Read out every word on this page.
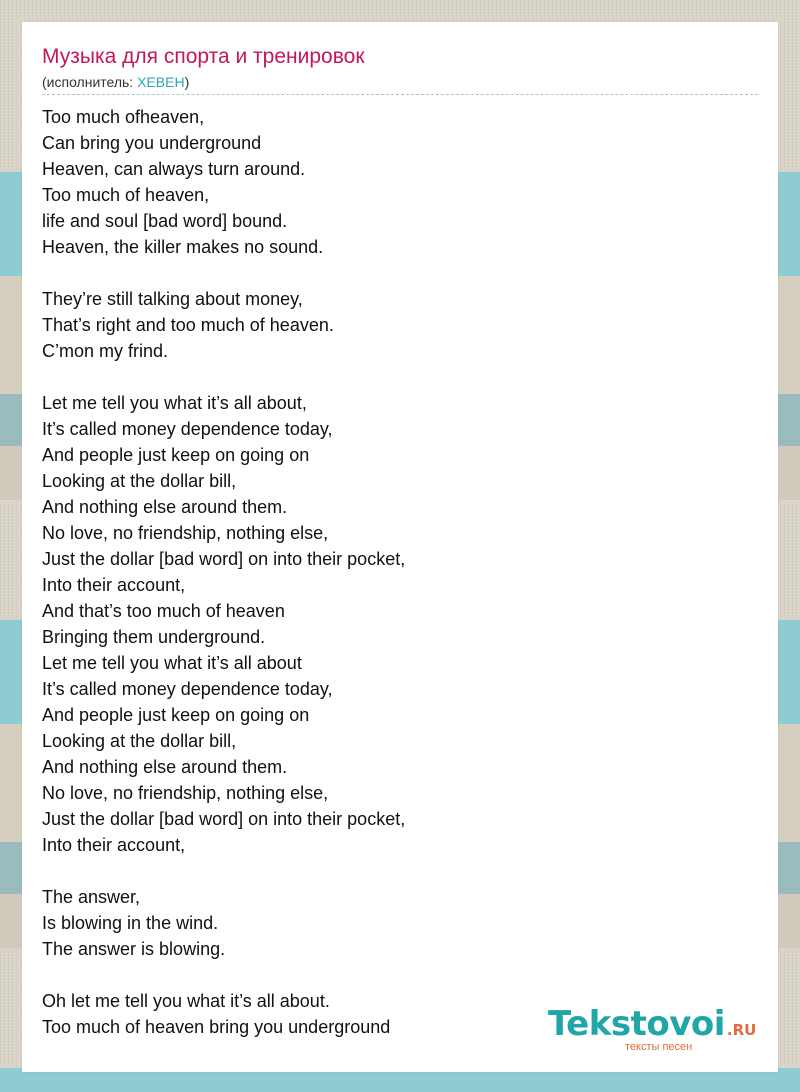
Музыка для спорта и тренировок
(исполнитель: ХЕВЕН)
Too much ofheaven,
Can bring you underground
Heaven, can always turn around.
Too much of heaven,
life and soul [bad word] bound.
Heaven, the killer makes no sound.
They’re still talking about money,
That’s right and too much of heaven.
C’mon my frind.
Let me tell you what it’s all about,
It’s called money dependence today,
And people just keep on going on
Looking at the dollar bill,
And nothing else around them.
No love, no friendship, nothing else,
Just the dollar [bad word] on into their pocket,
Into their account,
And that’s too much of heaven
Bringing them underground.
Let me tell you what it’s all about
It’s called money dependence today,
And people just keep on going on
Looking at the dollar bill,
And nothing else around them.
No love, no friendship, nothing else,
Just the dollar [bad word] on into their pocket,
Into their account,
The answer,
Is blowing in the wind.
The answer is blowing.
Oh let me tell you what it’s all about.
Too much of heaven bring you underground	Tekstovoi .RU
тексты песен
